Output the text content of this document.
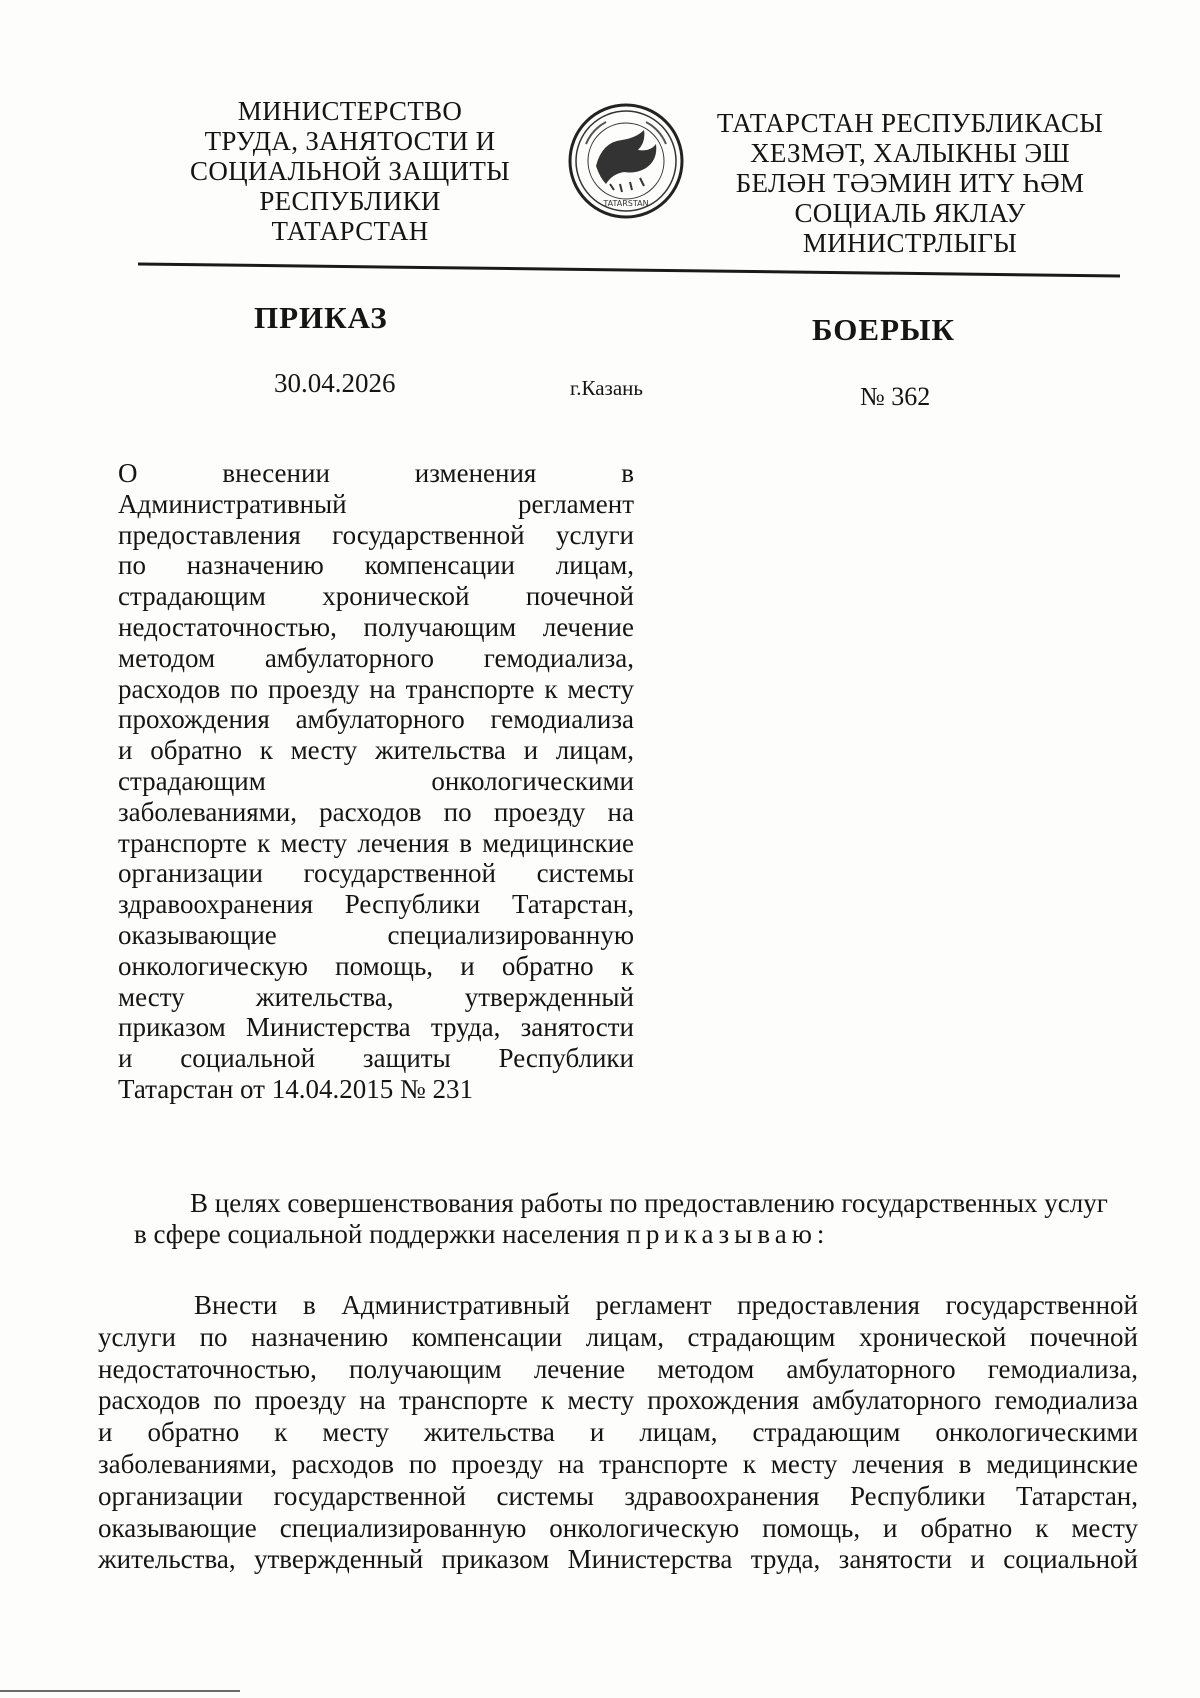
МИНИСТЕРСТВО
ТРУДА, ЗАНЯТОСТИ И
СОЦИАЛЬНОЙ ЗАЩИТЫ
РЕСПУБЛИКИ
ТАТАРСТАН
TATARSTAN
ТАТАРСТАН РЕСПУБЛИКАСЫ
ХЕЗМӘТ, ХАЛЫКНЫ ЭШ
БЕЛӘН ТӘЭМИН ИТҮ ҺӘМ
СОЦИАЛЬ ЯКЛАУ
МИНИСТРЛЫГЫ
ПРИКАЗ	БОЕРЫК
30.04.2026	г.Казань	№ 362
О внесении изменения в
Административный регламент
предоставления государственной услуги
по назначению компенсации лицам,
страдающим хронической почечной
недостаточностью, получающим лечение
методом амбулаторного гемодиализа,
расходов по проезду на транспорте к месту
прохождения амбулаторного гемодиализа
и обратно к месту жительства и лицам,
страдающим онкологическими
заболеваниями, расходов по проезду на
транспорте к месту лечения в медицинские
организации государственной системы
здравоохранения Республики Татарстан,
оказывающие специализированную
онкологическую помощь, и обратно к
месту жительства, утвержденный
приказом Министерства труда, занятости
и социальной защиты Республики
Татарстан от 14.04.2015 № 231
В целях совершенствования работы по предоставлению государственных услуг
в сфере социальной поддержки населения приказываю:
Внести в Административный регламент предоставления государственной
услуги по назначению компенсации лицам, страдающим хронической почечной
недостаточностью, получающим лечение методом амбулаторного гемодиализа,
расходов по проезду на транспорте к месту прохождения амбулаторного гемодиализа
и обратно к месту жительства и лицам, страдающим онкологическими
заболеваниями, расходов по проезду на транспорте к месту лечения в медицинские
организации государственной системы здравоохранения Республики Татарстан,
оказывающие специализированную онкологическую помощь, и обратно к месту
жительства, утвержденный приказом Министерства труда, занятости и социальной
